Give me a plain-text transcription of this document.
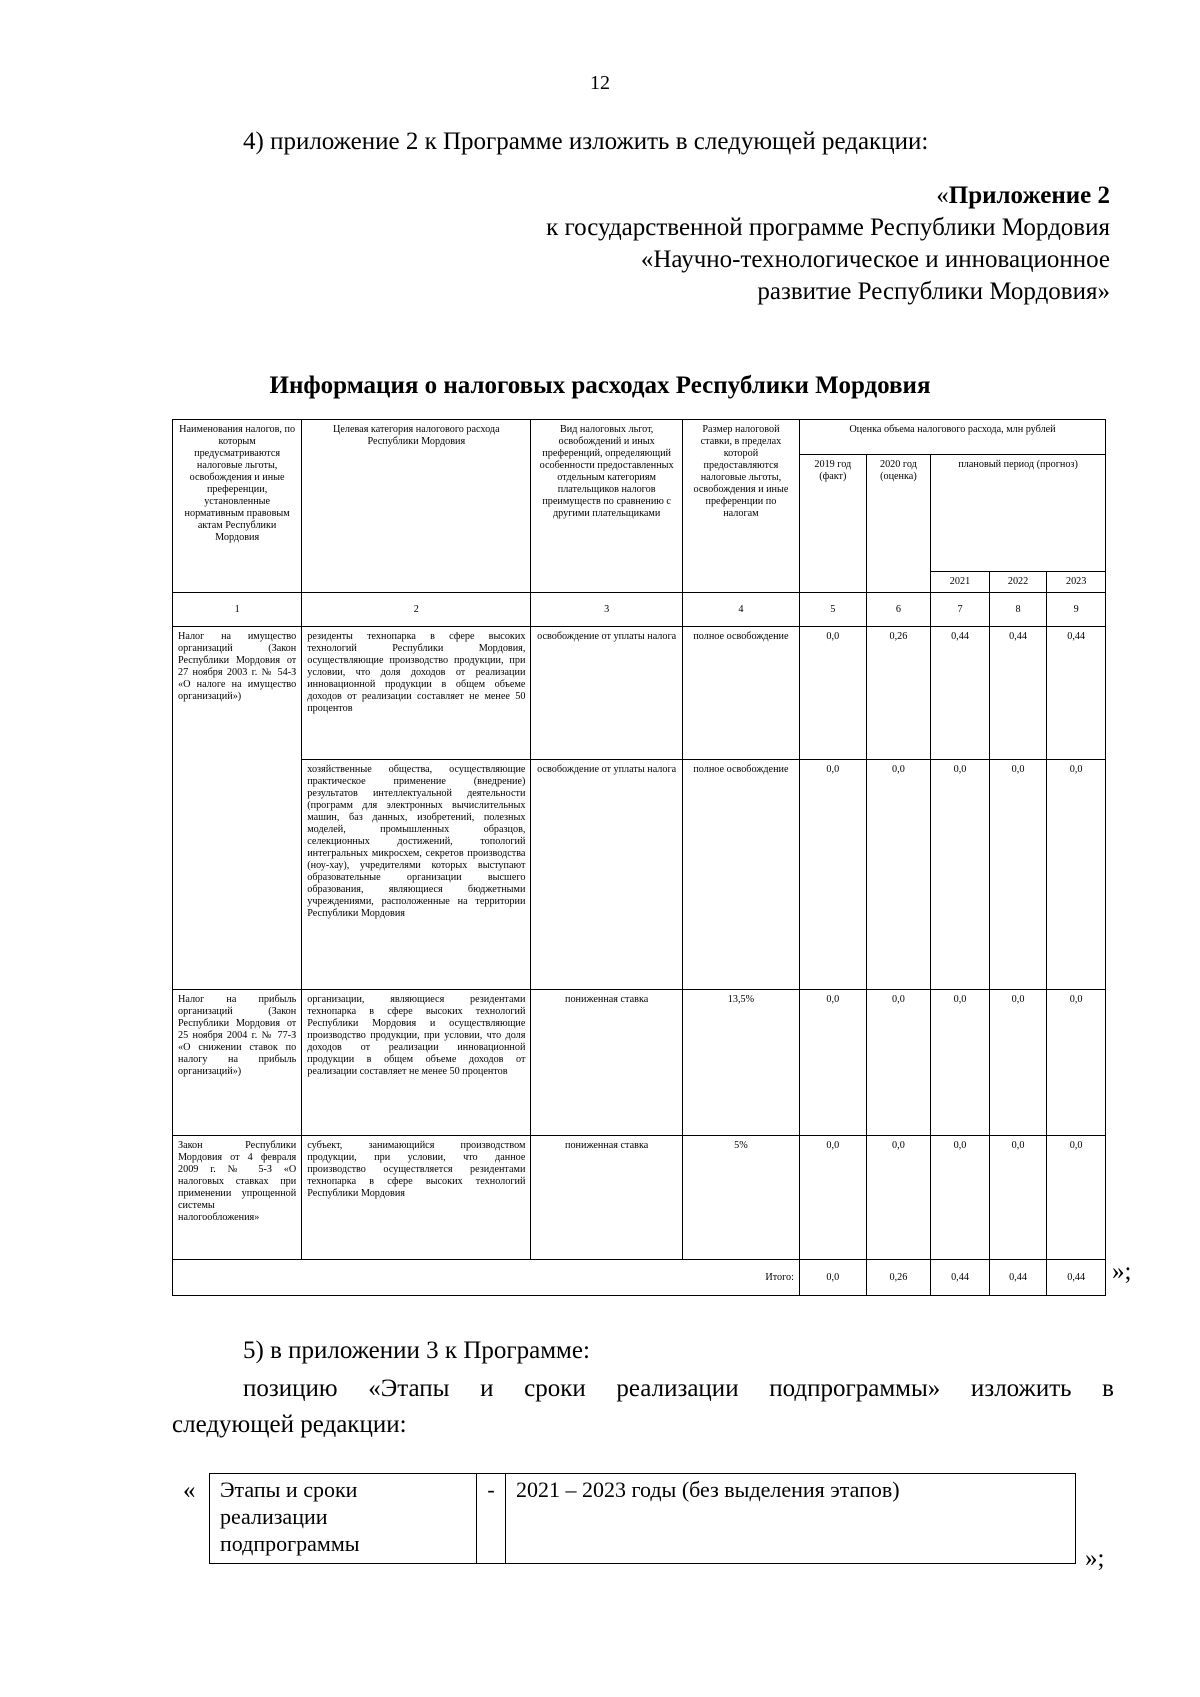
12
4) приложение 2 к Программе изложить в следующей редакции:
«Приложение 2
к государственной программе Республики Мордовия
«Научно-технологическое и инновационное
развитие Республики Мордовия»
Информация о налоговых расходах Республики Мордовия
Наименования налогов, по которым предусматриваются налоговые льготы, освобождения и иные преференции, установленные нормативным правовым актам Республики Мордовия	Целевая категория налогового расхода Республики Мордовия	Вид налоговых льгот, освобождений и иных преференций, определяющий особенности предоставленных отдельным категориям плательщиков налогов преимуществ по сравнению с другими плательщиками	Размер налоговой ставки, в пределах которой предоставляются налоговые льготы, освобождения и иные преференции по налогам	Оценка объема налогового расхода, млн рублей				
				2019 год (факт)	2020 год (оценка)	плановый период (прогноз)		
						2021	2022	2023
1	2	3	4	5	6	7	8	9
Налог на имущество организаций (Закон Республики Мордовия от 27 ноября 2003 г. № 54-З «О налоге на имущество организаций»)	резиденты технопарка в сфере высоких технологий Республики Мордовия, осуществляющие производство продукции, при условии, что доля доходов от реализации инновационной продукции в общем объеме доходов от реализации составляет не менее 50 процентов	освобождение от уплаты налога	полное освобождение	0,0	0,26	0,44	0,44	0,44
	хозяйственные общества, осуществляющие практическое применение (внедрение) результатов интеллектуальной деятельности (программ для электронных вычислительных машин, баз данных, изобретений, полезных моделей, промышленных образцов, селекционных достижений, топологий интегральных микросхем, секретов производства (ноу-хау), учредителями которых выступают образовательные организации высшего образования, являющиеся бюджетными учреждениями, расположенные на территории Республики Мордовия	освобождение от уплаты налога	полное освобождение	0,0	0,0	0,0	0,0	0,0
Налог на прибыль организаций (Закон Республики Мордовия от 25 ноября 2004 г. № 77-З «О снижении ставок по налогу на прибыль организаций»)	организации, являющиеся резидентами технопарка в сфере высоких технологий Республики Мордовия и осуществляющие производство продукции, при условии, что доля доходов от реализации инновационной продукции в общем объеме доходов от реализации составляет не менее 50 процентов	пониженная ставка	13,5%	0,0	0,0	0,0	0,0	0,0
Закон Республики Мордовия от 4 февраля 2009 г. № 5-З «О налоговых ставках при применении упрощенной системы налогообложения»	субъект, занимающийся производством продукции, при условии, что данное производство осуществляется резидентами технопарка в сфере высоких технологий Республики Мордовия	пониженная ставка	5%	0,0	0,0	0,0	0,0	0,0
Итого:				0,0	0,26	0,44	0,44	0,44 »;
5) в приложении 3 к Программе:
позицию «Этапы и сроки реализации подпрограммы» изложить в
следующей редакции:
« Этапы и сроки реализации подпрограммы	-	2021 – 2023 годы (без выделения этапов)
»;
